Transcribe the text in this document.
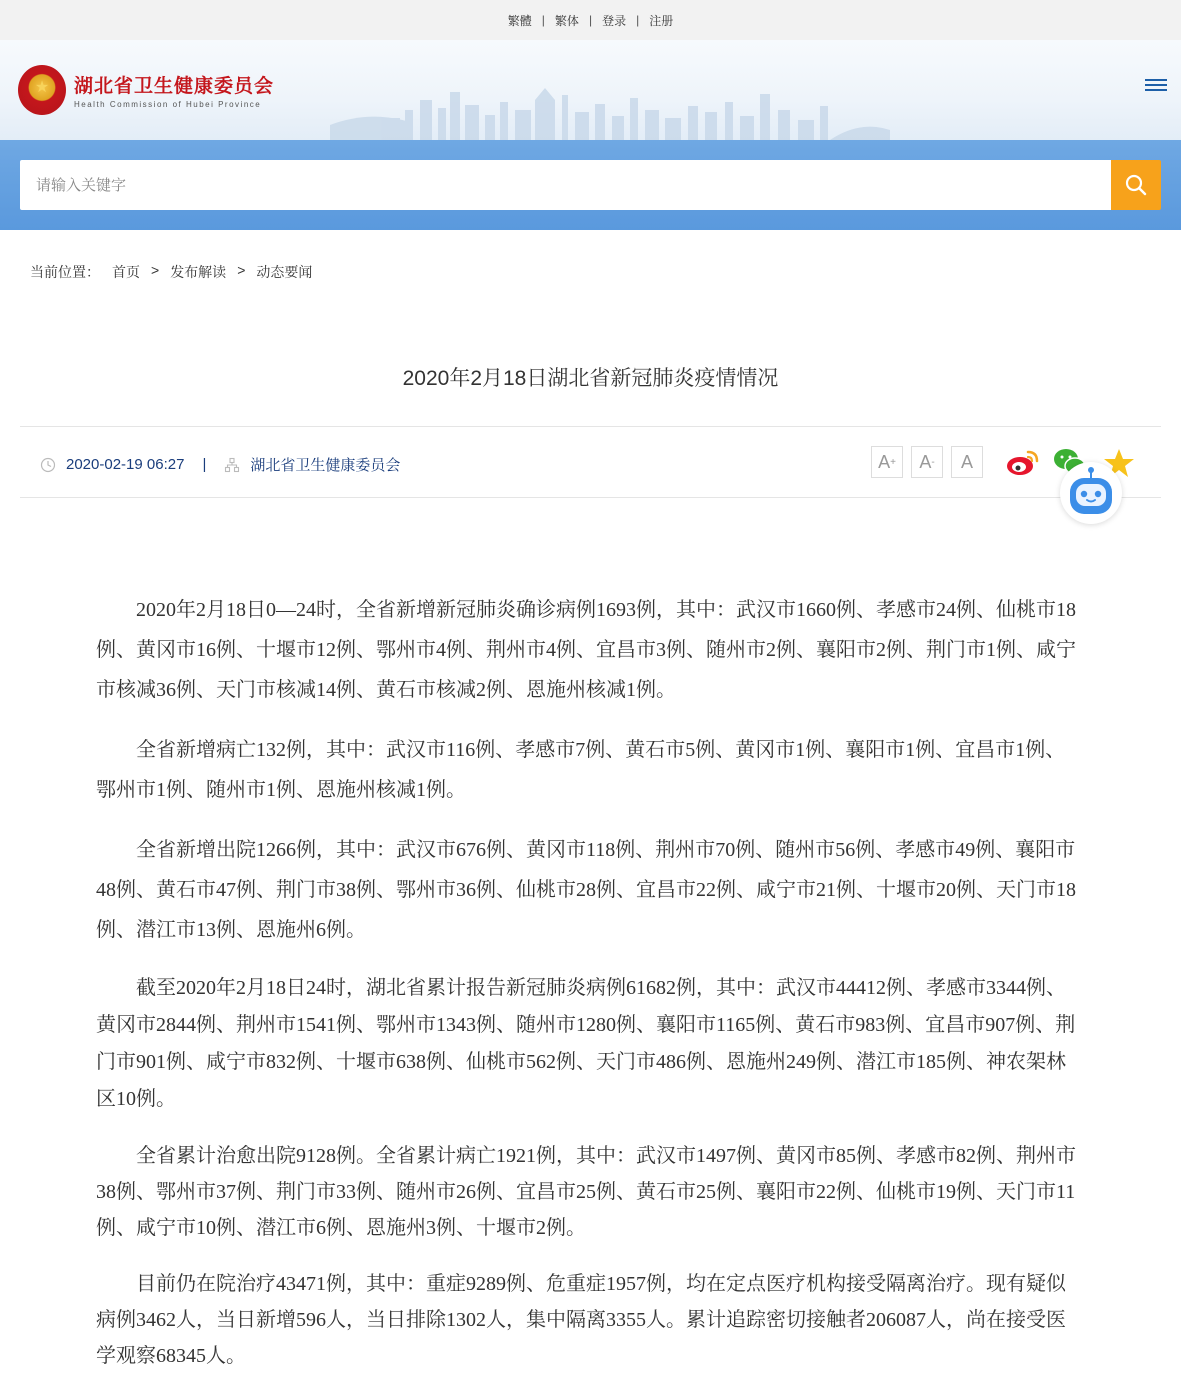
繁體 | 繁体 | 登录 | 注册
★
湖北省卫生健康委员会
Health Commission of Hubei Province
请输入关键字
当前位置： 首页 > 发布解读 > 动态要闻
2020年2月18日湖北省新冠肺炎疫情情况
2020-02-19 06:27 |	湖北省卫生健康委员会	A +	A -	A

2020年2月18日0—24时，全省新增新冠肺炎确诊病例1693例，其中：武汉市1660例、孝感市24例、仙桃市18例、黄冈市16例、十堰市12例、鄂州市4例、荆州市4例、宜昌市3例、随州市2例、襄阳市2例、荆门市1例、咸宁市核减36例、天门市核减14例、黄石市核减2例、恩施州核减1例。

全省新增病亡132例，其中：武汉市116例、孝感市7例、黄石市5例、黄冈市1例、襄阳市1例、宜昌市1例、鄂州市1例、随州市1例、恩施州核减1例。

全省新增出院1266例，其中：武汉市676例、黄冈市118例、荆州市70例、随州市56例、孝感市49例、襄阳市48例、黄石市47例、荆门市38例、鄂州市36例、仙桃市28例、宜昌市22例、咸宁市21例、十堰市20例、天门市18例、潜江市13例、恩施州6例。

截至2020年2月18日24时，湖北省累计报告新冠肺炎病例61682例，其中：武汉市44412例、孝感市3344例、黄冈市2844例、荆州市1541例、鄂州市1343例、随州市1280例、襄阳市1165例、黄石市983例、宜昌市907例、荆门市901例、咸宁市832例、十堰市638例、仙桃市562例、天门市486例、恩施州249例、潜江市185例、神农架林区10例。

全省累计治愈出院9128例。全省累计病亡1921例，其中：武汉市1497例、黄冈市85例、孝感市82例、荆州市38例、鄂州市37例、荆门市33例、随州市26例、宜昌市25例、黄石市25例、襄阳市22例、仙桃市19例、天门市11例、咸宁市10例、潜江市6例、恩施州3例、十堰市2例。

目前仍在院治疗43471例，其中：重症9289例、危重症1957例，均在定点医疗机构接受隔离治疗。现有疑似病例3462人，当日新增596人，当日排除1302人，集中隔离3355人。累计追踪密切接触者206087人，尚在接受医学观察68345人。
